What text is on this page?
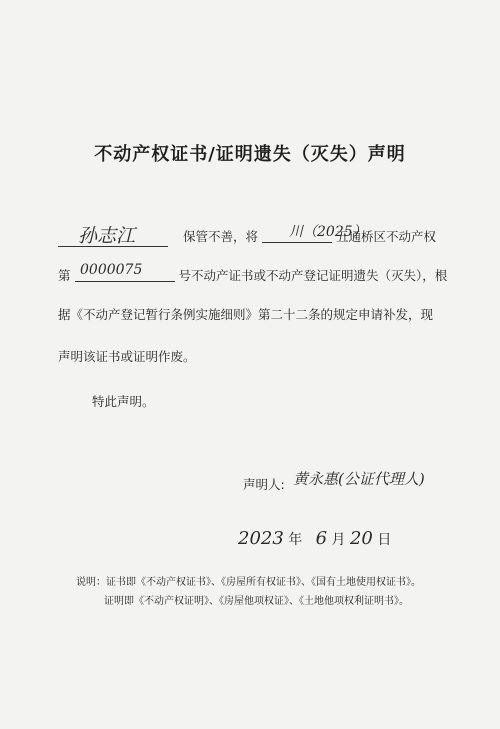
不动产权证书/证明遗失（灭失）声明
孙志江	保管不善，将	五通桥区不动产权
川（2025）
第	号不动产证书或不动产登记证明遗失（灭失），根
0000075
据《不动产登记暂行条例实施细则》第二十二条的规定申请补发，现
声明该证书或证明作废。
特此声明。
声明人: 黄永惠(公证代理人)
2023 年 6 月 20 日
说明：证书即《不动产权证书》、《房屋所有权证书》、《国有土地使用权证书》。
证明即《不动产权证明》、《房屋他项权证》、《土地他项权利证明书》。
